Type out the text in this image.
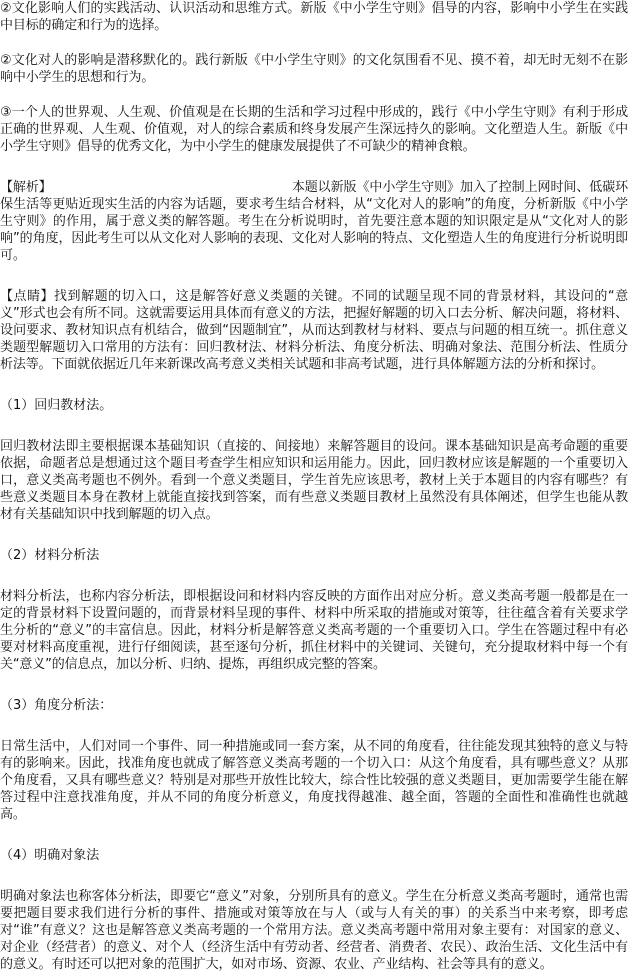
②文化影响人们的实践活动、认识活动和思维方式。新版《中小学生守则》倡导的内容，影响中小学生在实践中目标的确定和行为的选择。

②文化对人的影响是潜移默化的。践行新版《中小学生守则》的文化氛围看不见、摸不着，却无时无刻不在影响中小学生的思想和行为。

③一个人的世界观、人生观、价值观是在长期的生活和学习过程中形成的，践行《中小学生守则》有利于形成正确的世界观、人生观、价值观，对人的综合素质和终身发展产生深远持久的影响。文化塑造人生。新版《中小学生守则》倡导的优秀文化，为中小学生的健康发展提供了不可缺少的精神食粮。

【解析】	本题以新版《中小学生守则》加入了控制上网时间、低碳环保生活等更贴近现实生活的内容为话题，要求考生结合材料，从“文化对人的影响”的角度，分析新版《中小学生守则》的作用，属于意义类的解答题。考生在分析说明时，首先要注意本题的知识限定是从“文化对人的影响”的角度，因此考生可以从文化对人影响的表现、文化对人影响的特点、文化塑造人生的角度进行分析说明即可。

【点睛】找到解题的切入口，这是解答好意义类题的关键。不同的试题呈现不同的背景材料，其设问的“意义”形式也会有所不同。这就需要运用具体而有意义的方法，把握好解题的切入口去分析、解决问题，将材料、设问要求、教材知识点有机结合，做到“因题制宜”，从而达到教材与材料、要点与问题的相互统一。抓住意义类题型解题切入口常用的方法有：回归教材法、材料分析法、角度分析法、明确对象法、范围分析法、性质分析法等。下面就依据近几年来新课改高考意义类相关试题和非高考试题，进行具体解题方法的分析和探讨。

（1）回归教材法。

回归教材法即主要根据课本基础知识（直接的、间接地）来解答题目的设问。课本基础知识是高考命题的重要依据，命题者总是想通过这个题目考查学生相应知识和运用能力。因此，回归教材应该是解题的一个重要切入口，意义类高考题也不例外。看到一个意义类题目，学生首先应该思考，教材上关于本题目的内容有哪些？有些意义类题目本身在教材上就能直接找到答案，而有些意义类题目教材上虽然没有具体阐述，但学生也能从教材有关基础知识中找到解题的切入点。

（2）材料分析法

材料分析法，也称内容分析法，即根据设问和材料内容反映的方面作出对应分析。意义类高考题一般都是在一定的背景材料下设置问题的，而背景材料呈现的事件、材料中所采取的措施或对策等，往往蕴含着有关要求学生分析的“意义”的丰富信息。因此，材料分析是解答意义类高考题的一个重要切入口。学生在答题过程中有必要对材料高度重视，进行仔细阅读，甚至逐句分析，抓住材料中的关键词、关键句，充分提取材料中每一个有关“意义”的信息点，加以分析、归纳、提炼，再组织成完整的答案。

（3）角度分析法：

日常生活中，人们对同一个事件、同一种措施或同一套方案，从不同的角度看，往往能发现其独特的意义与特有的影响来。因此，找准角度也就成了解答意义类高考题的一个切入口：从这个角度看，具有哪些意义？从那个角度看，又具有哪些意义？特别是对那些开放性比较大，综合性比较强的意义类题目，更加需要学生能在解答过程中注意找准角度，并从不同的角度分析意义，角度找得越准、越全面，答题的全面性和准确性也就越高。

（4）明确对象法

明确对象法也称客体分析法，即要它“意义”对象，分别所具有的意义。学生在分析意义类高考题时，通常也需要把题目要求我们进行分析的事件、措施或对策等放在与人（或与人有关的事）的关系当中来考察，即考虑对“谁”有意义？这也是解答意义类高考题的一个常用方法。意义类高考题中常用对象主要有：对国家的意义、对企业（经营者）的意义、对个人（经济生活中有劳动者、经营者、消费者、农民）、政治生活、文化生活中有的意义。有时还可以把对象的范围扩大，如对市场、资源、农业、产业结构、社会等具有的意义。
